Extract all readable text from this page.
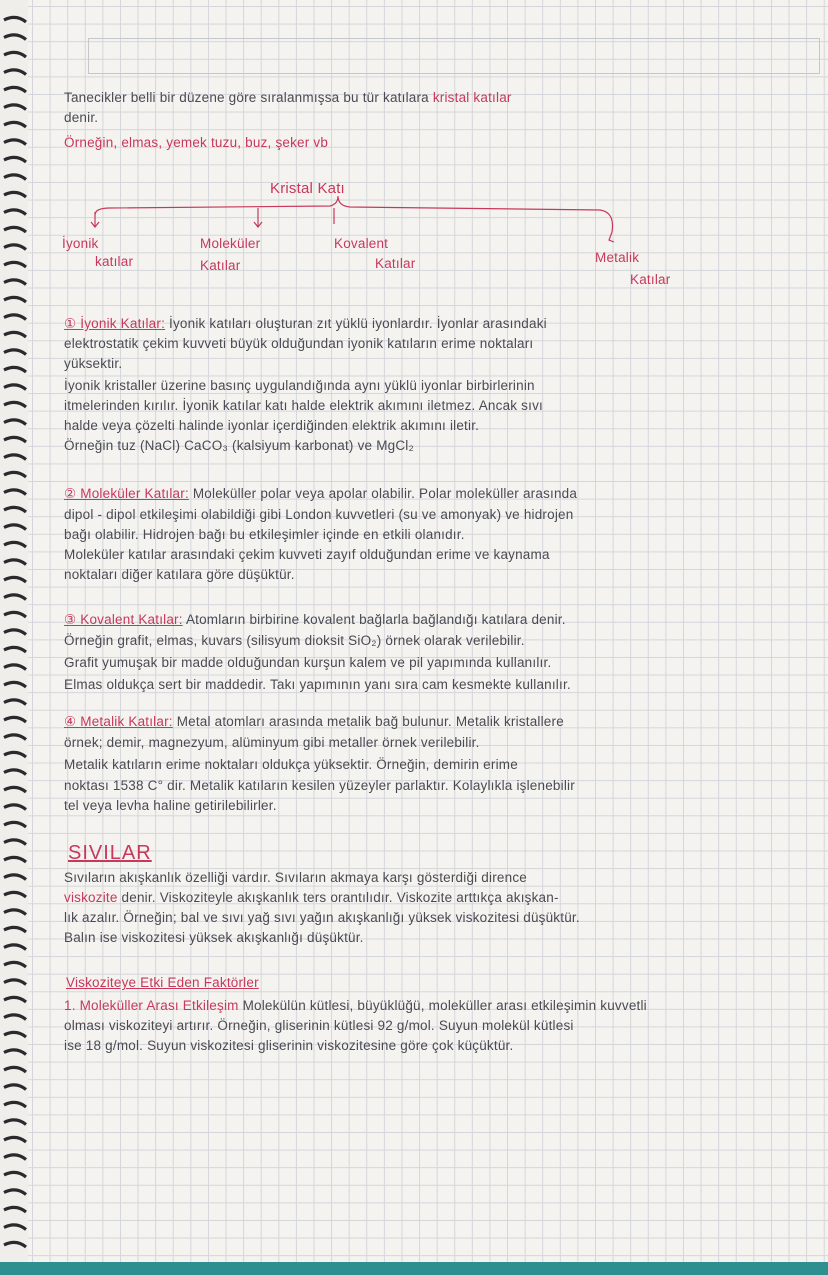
Tanecikler belli bir düzene göre sıralanmışsa bu tür katılara kristal katılar
denir.
Örneğin, elmas, yemek tuzu, buz, şeker vb
Kristal Katı
İyonik
katılar
Moleküler
Katılar
Kovalent
Katılar	Metalik
Katılar
① İyonik Katılar: İyonik katıları oluşturan zıt yüklü iyonlardır. İyonlar arasındaki
elektrostatik çekim kuvveti büyük olduğundan iyonik katıların erime noktaları
yüksektir.
İyonik kristaller üzerine basınç uygulandığında aynı yüklü iyonlar birbirlerinin
itmelerinden kırılır. İyonik katılar katı halde elektrik akımını iletmez. Ancak sıvı
halde veya çözelti halinde iyonlar içerdiğinden elektrik akımını iletir.
Örneğin tuz (NaCl) CaCO₃ (kalsiyum karbonat) ve MgCl₂
② Moleküler Katılar: Moleküller polar veya apolar olabilir. Polar moleküller arasında
dipol - dipol etkileşimi olabildiği gibi London kuvvetleri (su ve amonyak) ve hidrojen
bağı olabilir. Hidrojen bağı bu etkileşimler içinde en etkili olanıdır.
Moleküler katılar arasındaki çekim kuvveti zayıf olduğundan erime ve kaynama
noktaları diğer katılara göre düşüktür.
③ Kovalent Katılar: Atomların birbirine kovalent bağlarla bağlandığı katılara denir.
Örneğin grafit, elmas, kuvars (silisyum dioksit SiO₂) örnek olarak verilebilir.
Grafit yumuşak bir madde olduğundan kurşun kalem ve pil yapımında kullanılır.
Elmas oldukça sert bir maddedir. Takı yapımının yanı sıra cam kesmekte kullanılır.
④ Metalik Katılar: Metal atomları arasında metalik bağ bulunur. Metalik kristallere
örnek; demir, magnezyum, alüminyum gibi metaller örnek verilebilir.
Metalik katıların erime noktaları oldukça yüksektir. Örneğin, demirin erime
noktası 1538 C° dir. Metalik katıların kesilen yüzeyler parlaktır. Kolaylıkla işlenebilir
tel veya levha haline getirilebilirler.
SIVILAR
Sıvıların akışkanlık özelliği vardır. Sıvıların akmaya karşı gösterdiği dirence
viskozite denir. Viskoziteyle akışkanlık ters orantılıdır. Viskozite arttıkça akışkan-
lık azalır. Örneğin; bal ve sıvı yağ sıvı yağın akışkanlığı yüksek viskozitesi düşüktür.
Balın ise viskozitesi yüksek akışkanlığı düşüktür.
Viskoziteye Etki Eden Faktörler
1. Moleküller Arası Etkileşim Molekülün kütlesi, büyüklüğü, moleküller arası etkileşimin kuvvetli
olması viskoziteyi artırır. Örneğin, gliserinin kütlesi 92 g/mol. Suyun molekül kütlesi
ise 18 g/mol. Suyun viskozitesi gliserinin viskozitesine göre çok küçüktür.
